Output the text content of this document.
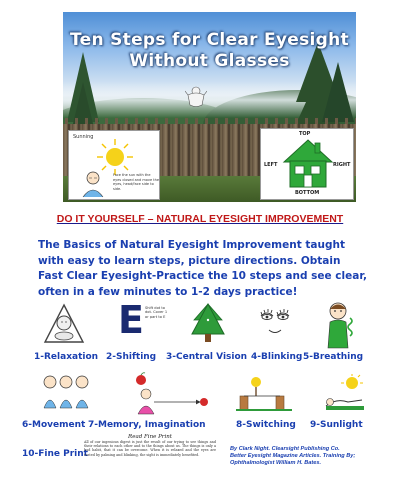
Ten Steps for Clear Eyesight
Without Glasses
Sunning
Face the sun with the eyes closed and move the eyes, head/face side to side.
TOP
LEFT	RIGHT
BOTTOM
DO IT YOURSELF – NATURAL EYESIGHT IMPROVEMENT
The Basics of Natural Eyesight Improvement taught with easy to learn steps, picture directions. Obtain Fast Clear Eyesight-Practice the 10 steps and see clear, often in a few minutes to 1-2 days practice!
E Shift dot to dot. Cover 1 or part to E
1-Relaxation 2-Shifting 3-Central Vision 4-Blinking 5-Breathing
6-Movement 7-Memory, Imagination	8-Switching 9-Sunlight
10-Fine Print
Read Fine Print
All of our ingenious digest is just the result of our trying to see things and their relations to each other and to the things about us. The things is only a bad habit, that it can be overcome. When it is relaxed and the eyes are rested by palming and blinking, the sight is immediately benefited.
By Clark Night. Clearsight Publishing Co.
Better Eyesight Magazine Articles. Training By;
Ophthalmologist William H. Bates.
